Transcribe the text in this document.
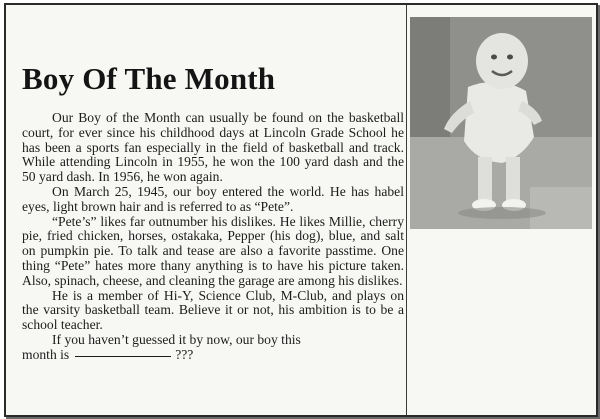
Boy Of The Month

Our Boy of the Month can usually be found on the basketball court, for ever since his childhood days at Lincoln Grade School he has been a sports fan especially in the field of basketball and track. While attending Lincoln in 1955, he won the 100 yard dash and the 50 yard dash. In 1956, he won again.

On March 25, 1945, our boy entered the world. He has habel eyes, light brown hair and is referred to as “Pete”.

“Pete’s” likes far outnumber his dislikes. He likes Millie, cherry pie, fried chicken, horses, ostakaka, Pepper (his dog), blue, and salt on pumpkin pie. To talk and tease are also a favorite passtime. One thing “Pete” hates more thany anything is to have his picture taken. Also, spinach, cheese, and cleaning the garage are among his dislikes.

He is a member of Hi-Y, Science Club, M-Club, and plays on the varsity basketball team. Believe it or not, his ambition is to be a school teacher.

If you haven’t guessed it by now, our boy this

month is	???
